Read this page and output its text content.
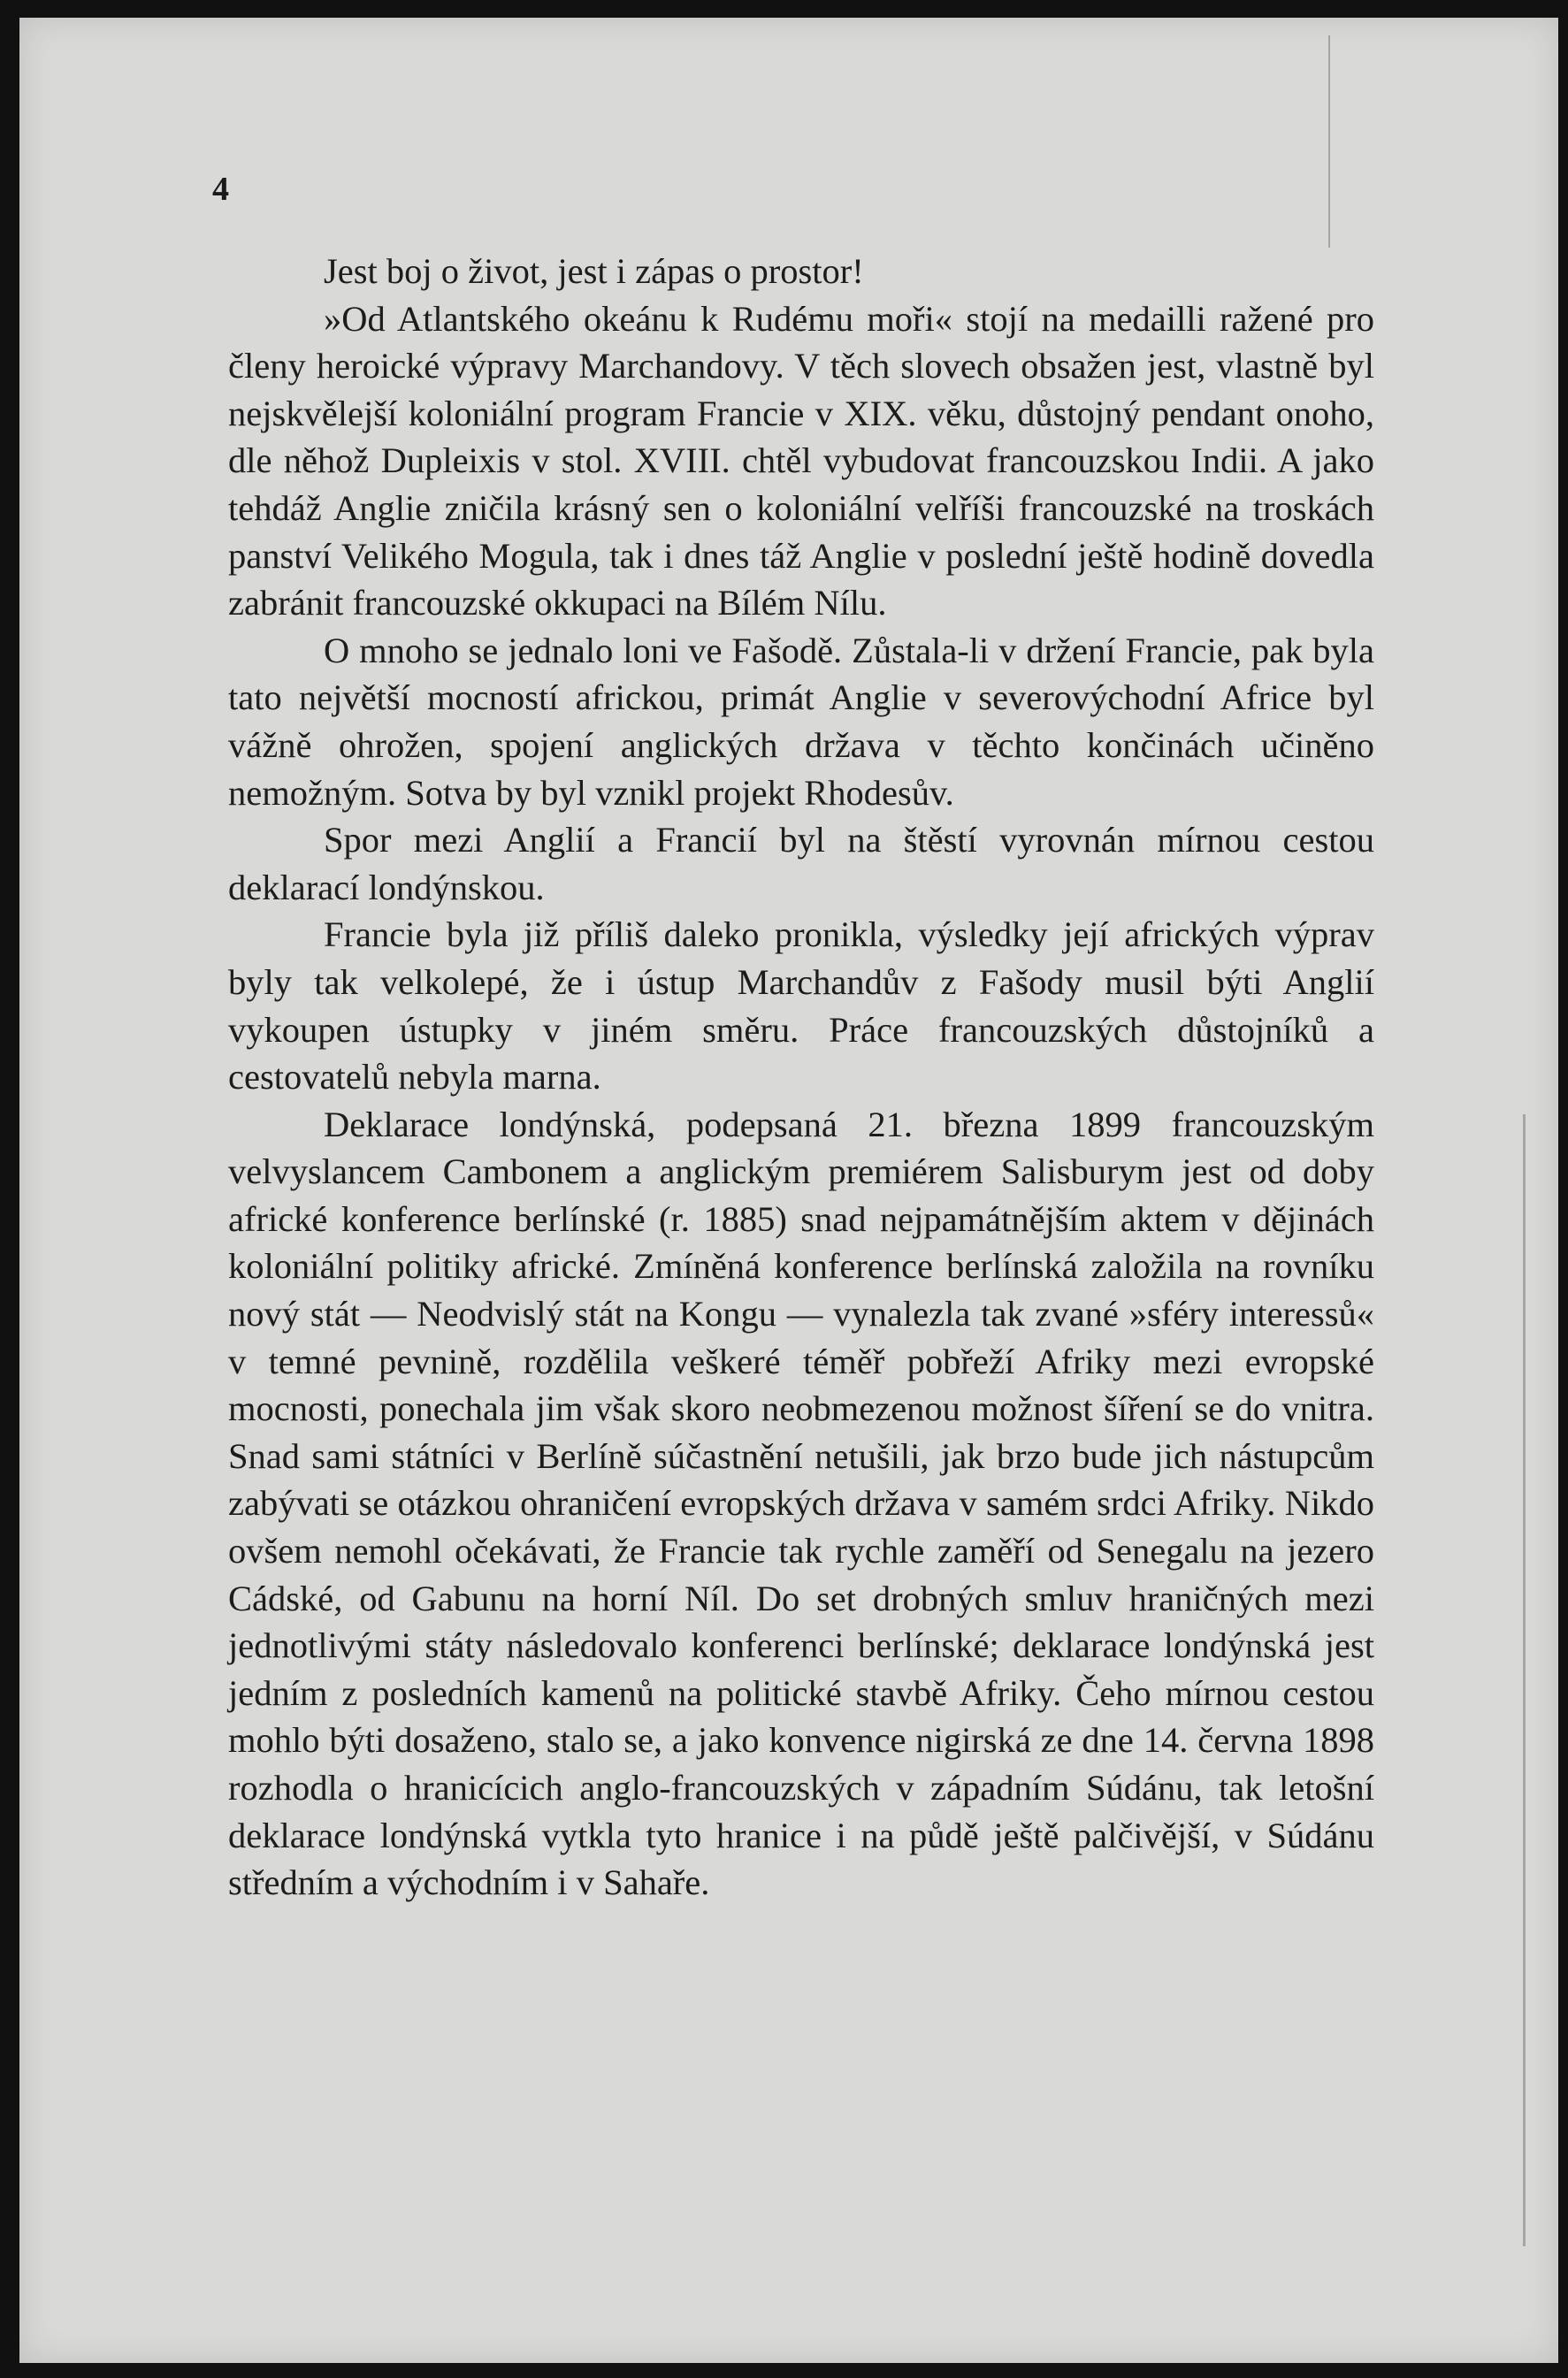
4

Jest boj o život, jest i zápas o prostor!

»Od Atlantského okeánu k Rudému moři« stojí na medailli ražené pro členy heroické výpravy Marchandovy. V těch slovech obsažen jest, vlastně byl nejskvělejší koloniální program Francie v XIX. věku, důstojný pendant onoho, dle něhož Dupleixis v stol. XVIII. chtěl vybudovat francouzskou Indii. A jako tehdáž Anglie zničila krásný sen o koloniální velříši francouzské na troskách panství Velikého Mogula, tak i dnes táž Anglie v poslední ještě hodině dovedla zabránit francouzské okkupaci na Bílém Nílu.

O mnoho se jednalo loni ve Fašodě. Zůstala-li v držení Francie, pak byla tato největší mocností africkou, primát Anglie v severovýchodní Africe byl vážně ohrožen, spojení anglických država v těchto končinách učiněno nemožným. Sotva by byl vznikl projekt Rhodesův.

Spor mezi Anglií a Francií byl na štěstí vyrovnán mírnou cestou deklarací londýnskou.

Francie byla již příliš daleko pronikla, výsledky její afrických výprav byly tak velkolepé, že i ústup Marchandův z Fašody musil býti Anglií vykoupen ústupky v jiném směru. Práce francouzských důstojníků a cestovatelů nebyla marna.

Deklarace londýnská, podepsaná 21. března 1899 francouzským velvyslancem Cambonem a anglickým premiérem Salisburym jest od doby africké konference berlínské (r. 1885) snad nejpamátnějším aktem v dějinách koloniální politiky africké. Zmíněná konference berlínská založila na rovníku nový stát — Neodvislý stát na Kongu — vynalezla tak zvané »sféry interessů« v temné pevnině, rozdělila veškeré téměř pobřeží Afriky mezi evropské mocnosti, ponechala jim však skoro neobmezenou možnost šíření se do vnitra. Snad sami státníci v Berlíně súčastnění netušili, jak brzo bude jich nástupcům zabývati se otázkou ohraničení evropských država v samém srdci Afriky. Nikdo ovšem nemohl očekávati, že Francie tak rychle zaměří od Senegalu na jezero Cádské, od Gabunu na horní Níl. Do set drobných smluv hraničných mezi jednotlivými státy následovalo konferenci berlínské; deklarace londýnská jest jedním z posledních kamenů na politické stavbě Afriky. Čeho mírnou cestou mohlo býti dosaženo, stalo se, a jako konvence nigirská ze dne 14. června 1898 rozhodla o hranicícich anglo-francouzských v západním Súdánu, tak letošní deklarace londýnská vytkla tyto hranice i na půdě ještě palčivější, v Súdánu středním a východním i v Sahaře.
